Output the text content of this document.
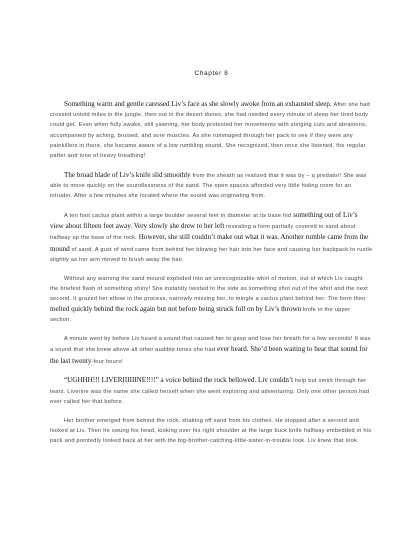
Chapter 8

Something warm and gentle caressed Liv’s face as she slowly awoke from an exhausted sleep. After she had crossed untold miles in the jungle, then out in the desert dunes, she had needed every minute of sleep her tired body could get. Even when fully awake, still yawning, her body protested her movements with stinging cuts and abrasions, accompanied by aching, bruised, and sore muscles. As she rummaged through her pack to see if they were any painkillers in there, she became aware of a low rumbling sound. She recognized, then once she listened, the regular patter and tone of heavy breathing!

The broad blade of Liv’s knife slid smoothly from the sheath as realized that it was by – a predator! She was able to move quickly on the soundlessness of the sand. The open spaces afforded very little hiding room for an intruder. After a few minutes she located where the sound was originating from.

A ten foot cactus plant within a large boulder several feet in diameter at its base hid something out of Liv’s view about fifteen feet away. Very slowly she drew to her left revealing a form partially covered in sand about halfway up the base of the rock. However, she still couldn’t make out what it was. Another rumble came from the mound of sand. A gust of wind came from behind her blowing her hair into her face and causing her backpack to rustle slightly as her arm moved to brush away the hair.

Without any warning the sand mound exploded into an unrecognizable whirl of motion, out of which Liv caught the briefest flash of something shiny! She instantly twisted to the side as something shot out of the whirl and the next second. It grazed her elbow in the process, narrowly missing her, to mingle a cactus plant behind her. The form then melted quickly behind the rock again but not before being struck full on by Liv’s thrown knife in the upper section.

A minute went by before Liv heard a sound that caused her to gasp and lose her breath for a few seconds! It was a sound that she knew above all other audible tones she had ever heard. She’d been waiting to hear that sound for the last twenty-four hours!

“UGHHH!!! LIVERIIIIIINE!!!!” a voice behind the rock bellowed. Liv couldn’t help but smirk through her tears. Liverine was the name she called herself when she went exploring and adventuring. Only one other person had ever called her that before.

Her brother emerged from behind the rock, shaking off sand from his clothes. He stopped after a second and looked at Liv. Then he swung his head, looking over his right shoulder at the large buck knife halfway embedded in his pack and pointedly looked back at her with the big-brother-catching-little-sister-in-trouble look. Liv knew that look.
